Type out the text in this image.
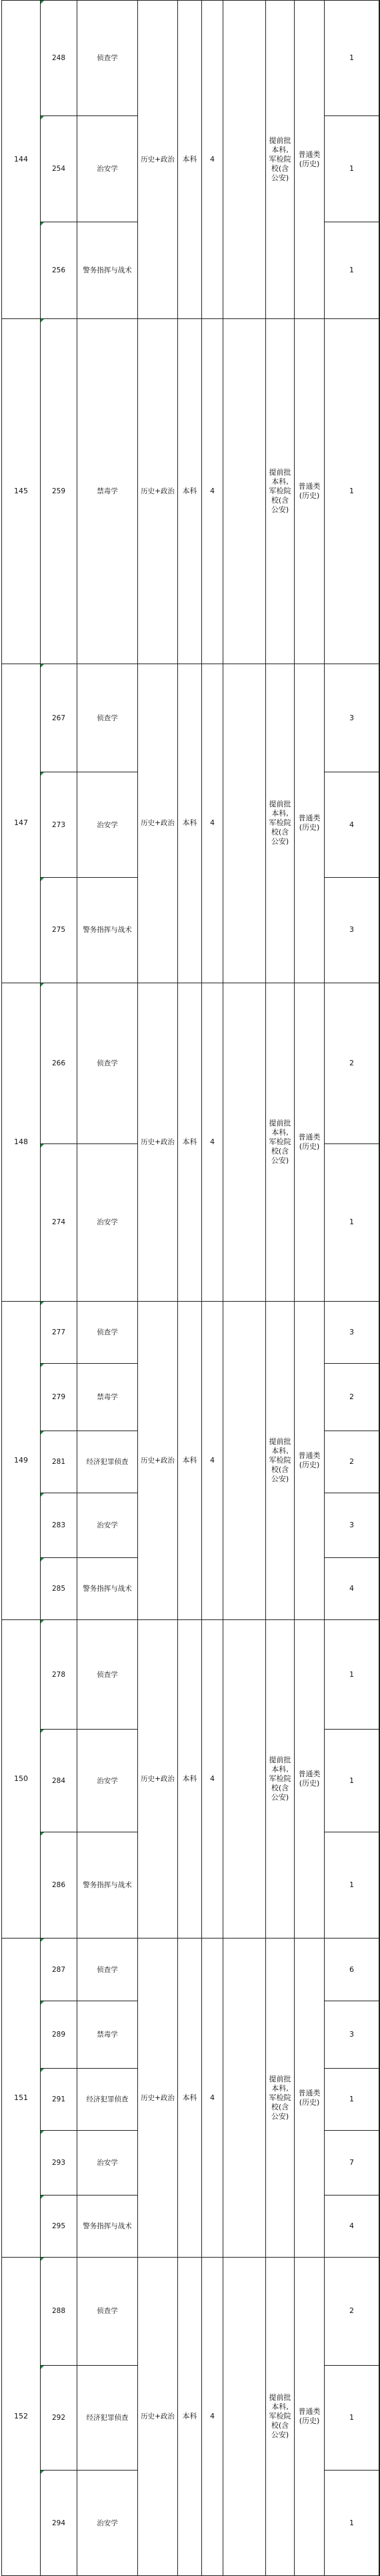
144	248	侦查学	历史+政治	本科	4		提前批本科,军检院校(含公安)	普通类(历史)	1	
	254	治安学							1	
	256	警务指挥与战术							1	
145	259	禁毒学	历史+政治	本科	4		提前批本科,军检院校(含公安)	普通类(历史)	1	
147	267	侦查学	历史+政治	本科	4		提前批本科,军检院校(含公安)	普通类(历史)	3	
	273	治安学							4	
	275	警务指挥与战术							3	
148	266	侦查学	历史+政治	本科	4		提前批本科,军检院校(含公安)	普通类(历史)	2	
	274	治安学							1	
149	277	侦查学	历史+政治	本科	4		提前批本科,军检院校(含公安)	普通类(历史)	3	
	279	禁毒学							2	
	281	经济犯罪侦查							2	
	283	治安学							3	
	285	警务指挥与战术							4	
150	278	侦查学	历史+政治	本科	4		提前批本科,军检院校(含公安)	普通类(历史)	1	
	284	治安学							1	
	286	警务指挥与战术							1	
151	287	侦查学	历史+政治	本科	4		提前批本科,军检院校(含公安)	普通类(历史)	6	
	289	禁毒学							3	
	291	经济犯罪侦查							1	
	293	治安学							7	
	295	警务指挥与战术							4	
152	288	侦查学	历史+政治	本科	4		提前批本科,军检院校(含公安)	普通类(历史)	2	
	292	经济犯罪侦查							1	
	294	治安学							1	
